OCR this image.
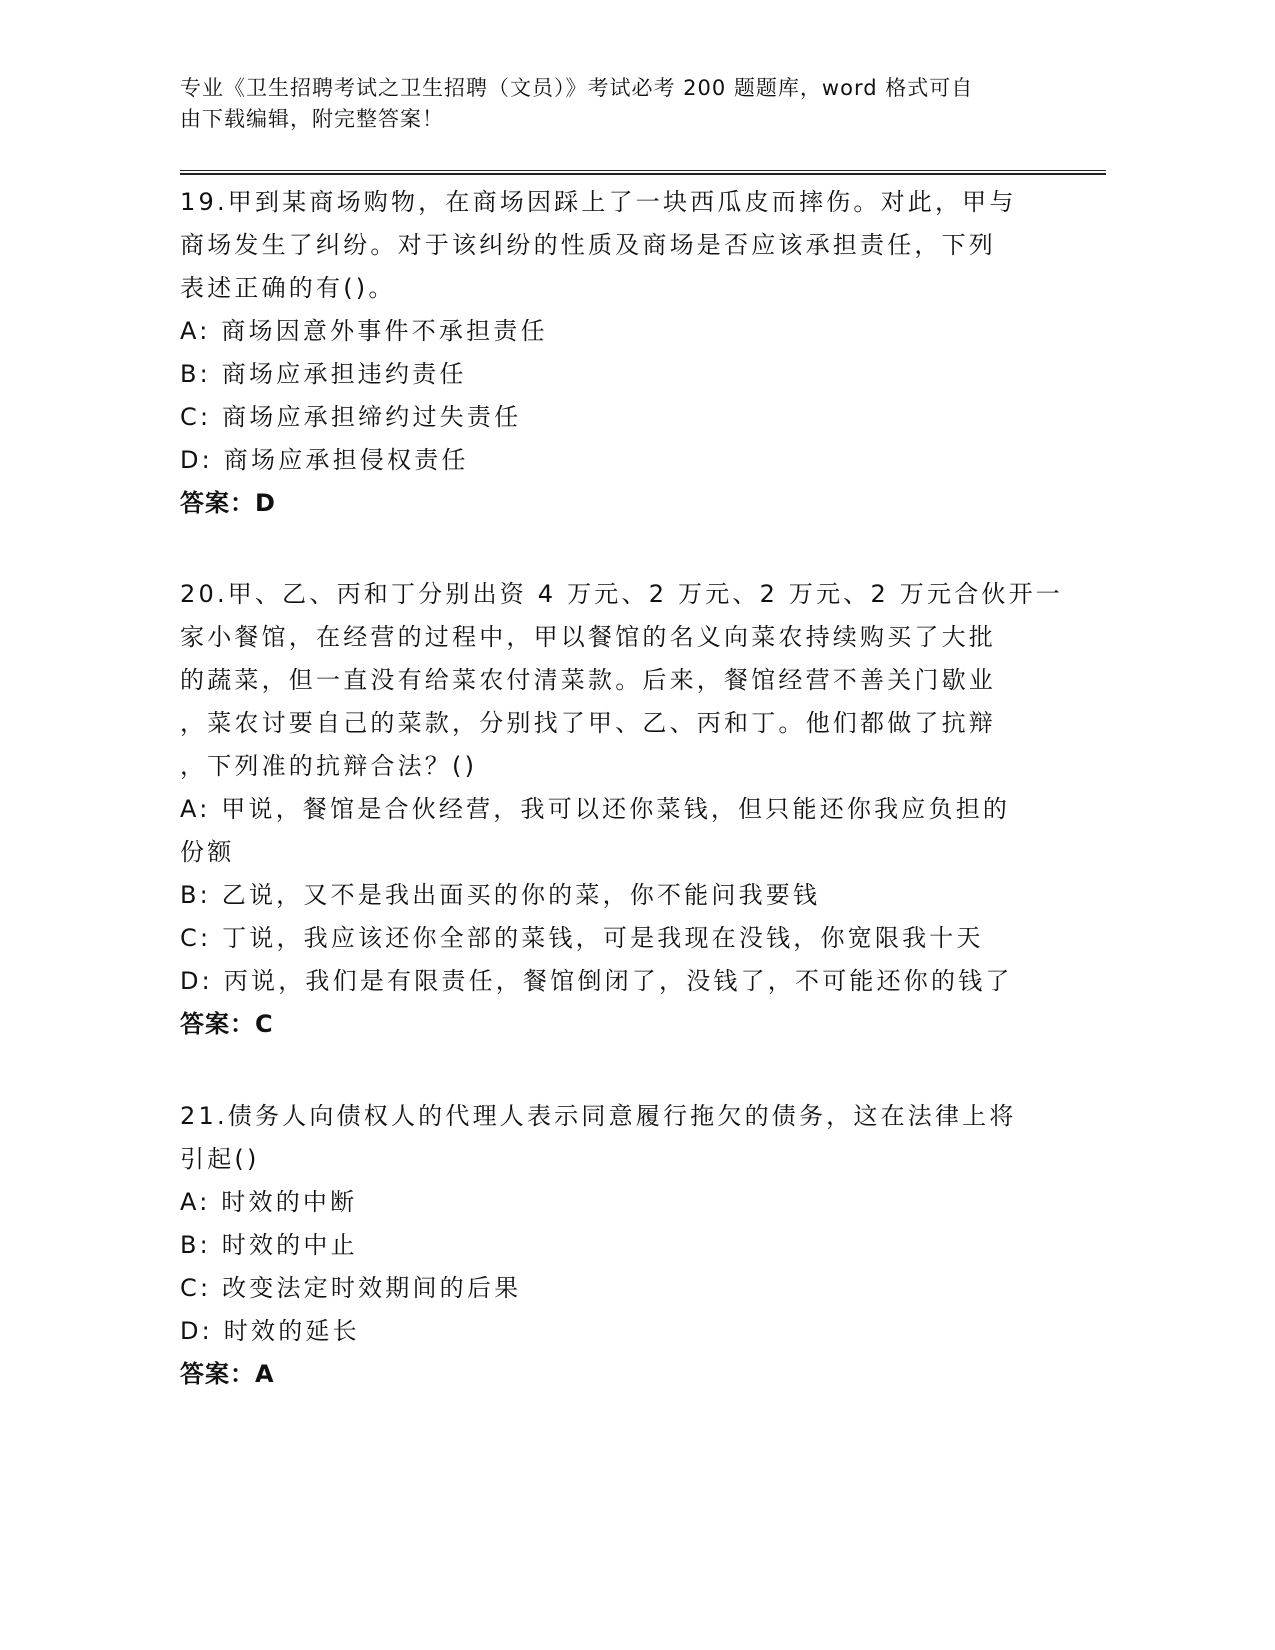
专业《卫生招聘考试之卫生招聘（文员）》考试必考 200 题题库，word 格式可自
由下载编辑，附完整答案！
19.甲到某商场购物，在商场因踩上了一块西瓜皮而摔伤。对此，甲与
商场发生了纠纷。对于该纠纷的性质及商场是否应该承担责任，下列
表述正确的有()。
A: 商场因意外事件不承担责任
B: 商场应承担违约责任
C: 商场应承担缔约过失责任
D: 商场应承担侵权责任
答案：D
20.甲、乙、丙和丁分别出资 4 万元、2 万元、2 万元、2 万元合伙开一
家小餐馆，在经营的过程中，甲以餐馆的名义向菜农持续购买了大批
的蔬菜，但一直没有给菜农付清菜款。后来，餐馆经营不善关门歇业
，菜农讨要自己的菜款，分别找了甲、乙、丙和丁。他们都做了抗辩
，下列准的抗辩合法？()
A: 甲说，餐馆是合伙经营，我可以还你菜钱，但只能还你我应负担的
份额
B: 乙说，又不是我出面买的你的菜，你不能问我要钱
C: 丁说，我应该还你全部的菜钱，可是我现在没钱，你宽限我十天
D: 丙说，我们是有限责任，餐馆倒闭了，没钱了，不可能还你的钱了
答案：C
21.债务人向债权人的代理人表示同意履行拖欠的债务，这在法律上将
引起()
A: 时效的中断
B: 时效的中止
C: 改变法定时效期间的后果
D: 时效的延长
答案：A
